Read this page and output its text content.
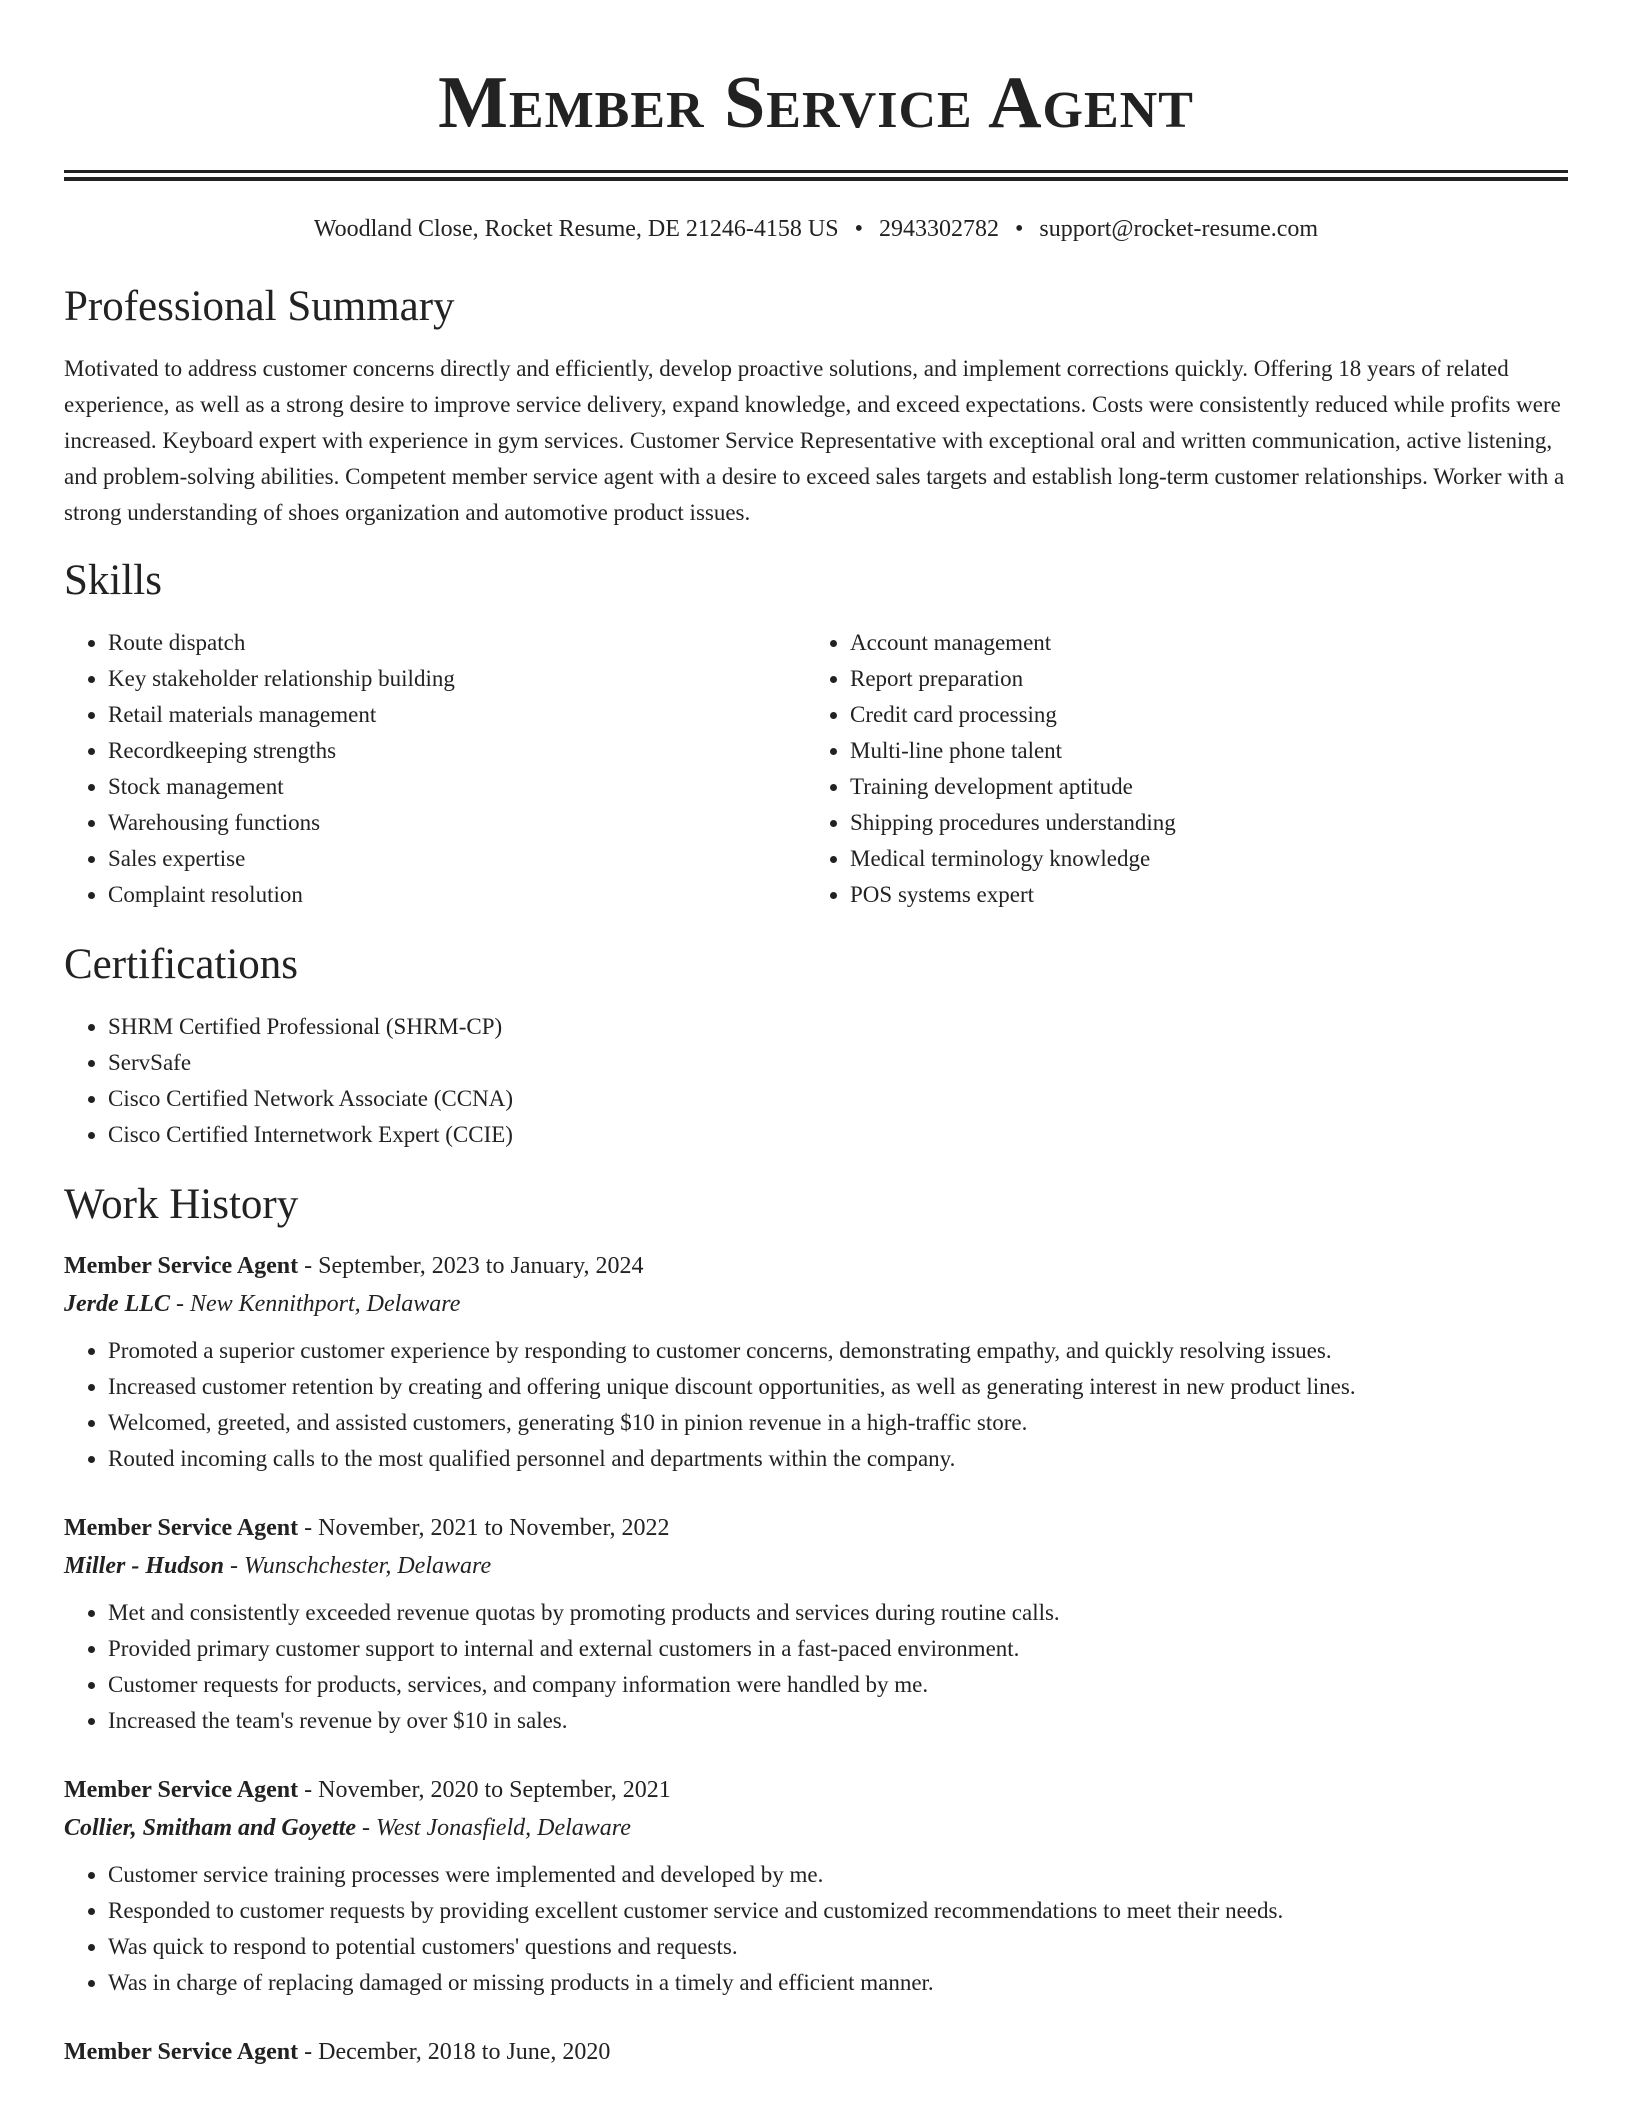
Member Service Agent
Woodland Close, Rocket Resume, DE 21246-4158 US • 2943302782 • support@rocket-resume.com
Professional Summary

Motivated to address customer concerns directly and efficiently, develop proactive solutions, and implement corrections quickly. Offering 18 years of related experience, as well as a strong desire to improve service delivery, expand knowledge, and exceed expectations. Costs were consistently reduced while profits were increased. Keyboard expert with experience in gym services. Customer Service Representative with exceptional oral and written communication, active listening, and problem-solving abilities. Competent member service agent with a desire to exceed sales targets and establish long-term customer relationships. Worker with a strong understanding of shoes organization and automotive product issues.

Skills
• Route dispatch
• Key stakeholder relationship building
• Retail materials management
• Recordkeeping strengths
• Stock management
• Warehousing functions
• Sales expertise
• Complaint resolution
• Account management
• Report preparation
• Credit card processing
• Multi-line phone talent
• Training development aptitude
• Shipping procedures understanding
• Medical terminology knowledge
• POS systems expert
Certifications
• SHRM Certified Professional (SHRM-CP)
• ServSafe
• Cisco Certified Network Associate (CCNA)
• Cisco Certified Internetwork Expert (CCIE)
Work History
Member Service Agent - September, 2023 to January, 2024
Jerde LLC - New Kennithport, Delaware
• Promoted a superior customer experience by responding to customer concerns, demonstrating empathy, and quickly resolving issues.
• Increased customer retention by creating and offering unique discount opportunities, as well as generating interest in new product lines.
• Welcomed, greeted, and assisted customers, generating $10 in pinion revenue in a high-traffic store.
• Routed incoming calls to the most qualified personnel and departments within the company.
Member Service Agent - November, 2021 to November, 2022
Miller - Hudson - Wunschchester, Delaware
• Met and consistently exceeded revenue quotas by promoting products and services during routine calls.
• Provided primary customer support to internal and external customers in a fast-paced environment.
• Customer requests for products, services, and company information were handled by me.
• Increased the team's revenue by over $10 in sales.
Member Service Agent - November, 2020 to September, 2021
Collier, Smitham and Goyette - West Jonasfield, Delaware
• Customer service training processes were implemented and developed by me.
• Responded to customer requests by providing excellent customer service and customized recommendations to meet their needs.
• Was quick to respond to potential customers' questions and requests.
• Was in charge of replacing damaged or missing products in a timely and efficient manner.
Member Service Agent - December, 2018 to June, 2020
